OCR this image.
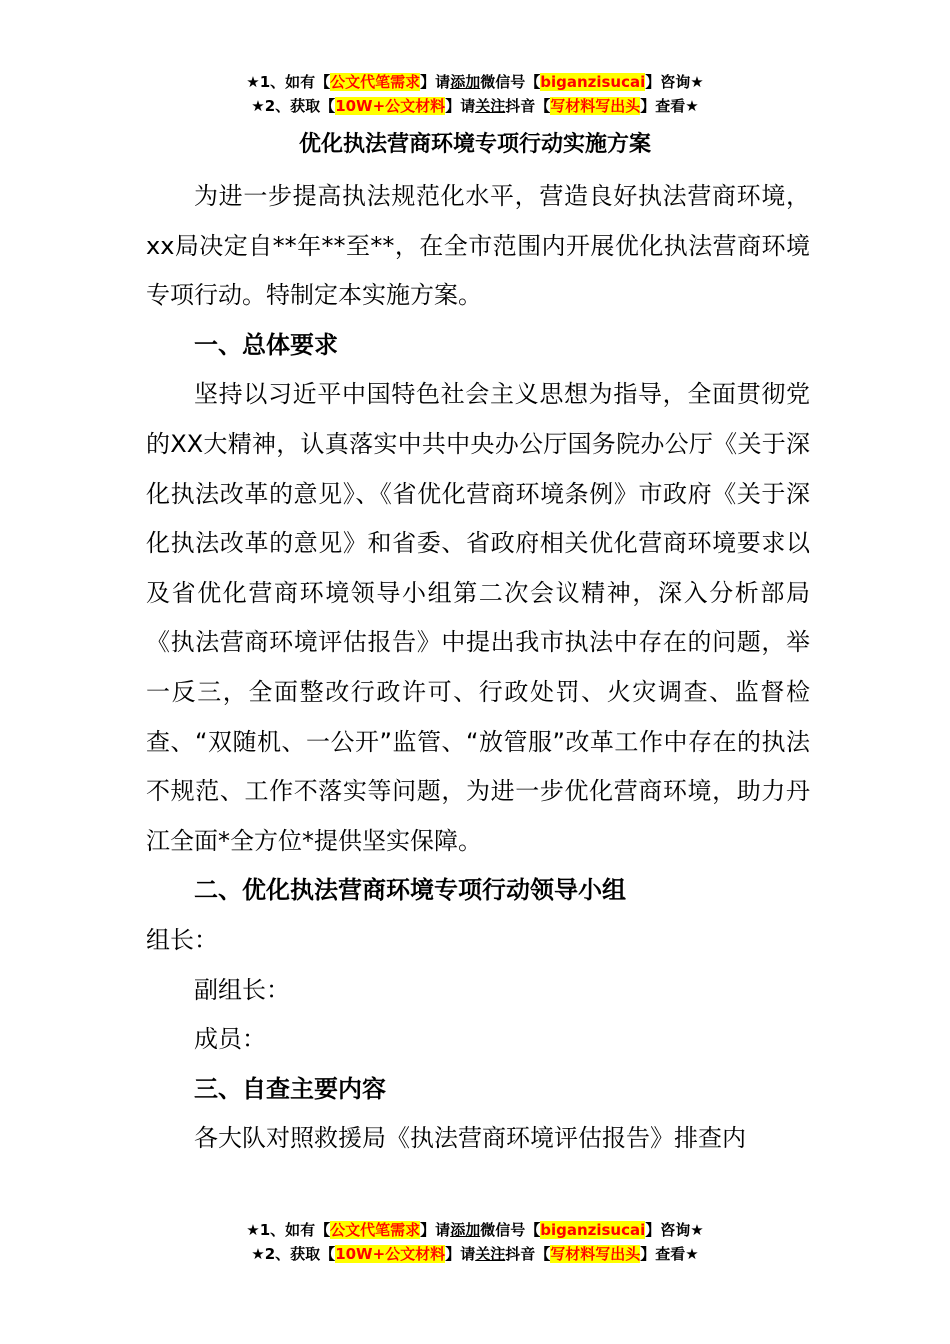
★1、如有【公文代笔需求】请添加微信号【biganzisucai】咨询★
★2、获取【10W+公文材料】请关注抖音【写材料写出头】查看★
优化执法营商环境专项行动实施方案

为进一步提高执法规范化水平，营造良好执法营商环境，xx局决定自**年**至**，在全市范围内开展优化执法营商环境专项行动。特制定本实施方案。

一、总体要求

坚持以习近平中国特色社会主义思想为指导，全面贯彻党的XX大精神，认真落实中共中央办公厅国务院办公厅《关于深化执法改革的意见》、《省优化营商环境条例》市政府《关于深化执法改革的意见》和省委、省政府相关优化营商环境要求以及省优化营商环境领导小组第二次会议精神，深入分析部局《执法营商环境评估报告》中提出我市执法中存在的问题，举一反三，全面整改行政许可、行政处罚、火灾调查、监督检查、“双随机、一公开”监管、“放管服”改革工作中存在的执法不规范、工作不落实等问题，为进一步优化营商环境，助力丹江全面*全方位*提供坚实保障。

二、优化执法营商环境专项行动领导小组

组长：

副组长：

成员：

三、自查主要内容

各大队对照救援局《执法营商环境评估报告》排查内

★1、如有【公文代笔需求】请添加微信号【biganzisucai】咨询★
★2、获取【10W+公文材料】请关注抖音【写材料写出头】查看★
